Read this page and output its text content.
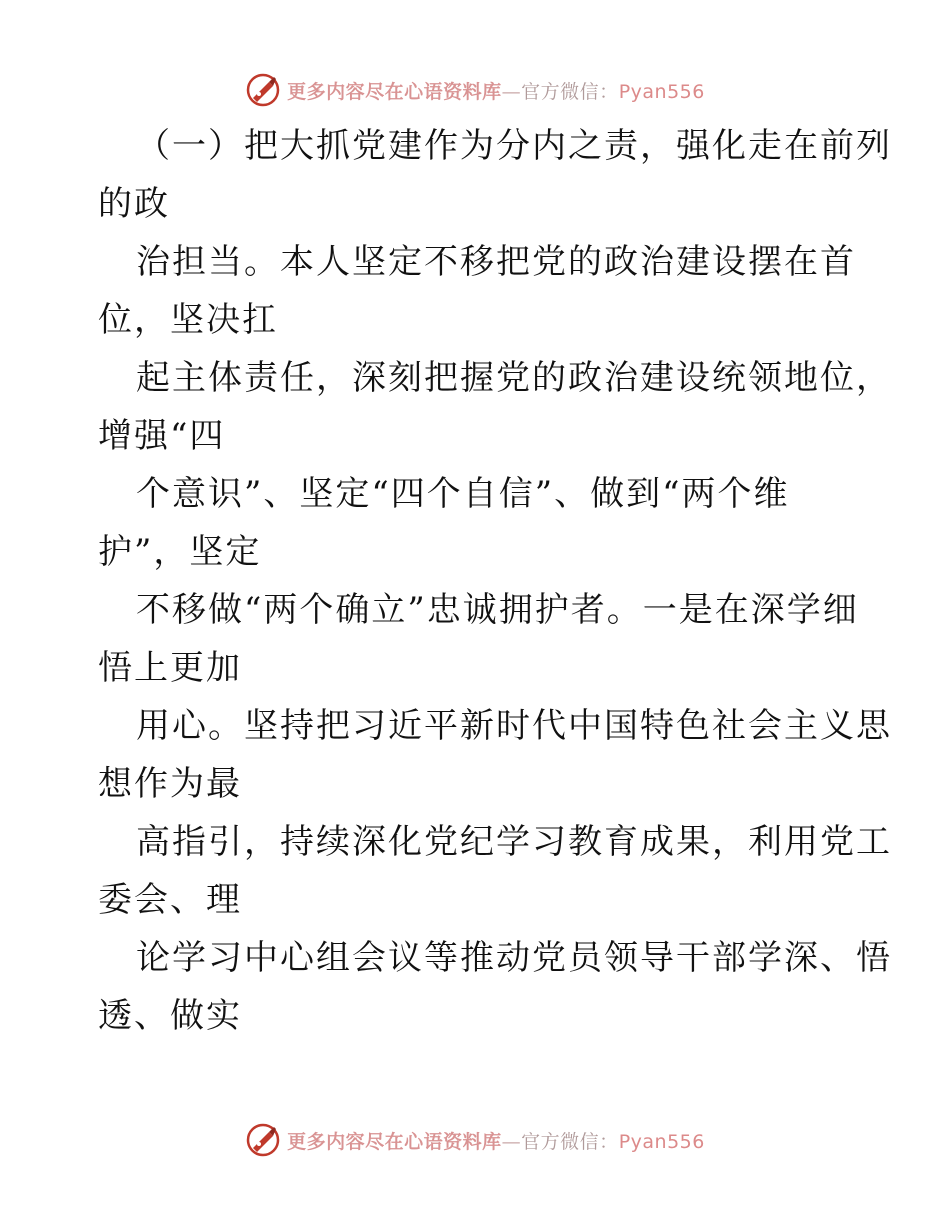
更多内容尽在心语资料库—官方微信：Pyan556
（一）把大抓党建作为分内之责，强化走在前列
的政
治担当。本人坚定不移把党的政治建设摆在首
位，坚决扛
起主体责任，深刻把握党的政治建设统领地位，
增强“四
个意识”、坚定“四个自信”、做到“两个维
护”，坚定
不移做“两个确立”忠诚拥护者。一是在深学细
悟上更加
用心。坚持把习近平新时代中国特色社会主义思
想作为最
高指引，持续深化党纪学习教育成果，利用党工
委会、理
论学习中心组会议等推动党员领导干部学深、悟
透、做实
更多内容尽在心语资料库—官方微信：Pyan556
